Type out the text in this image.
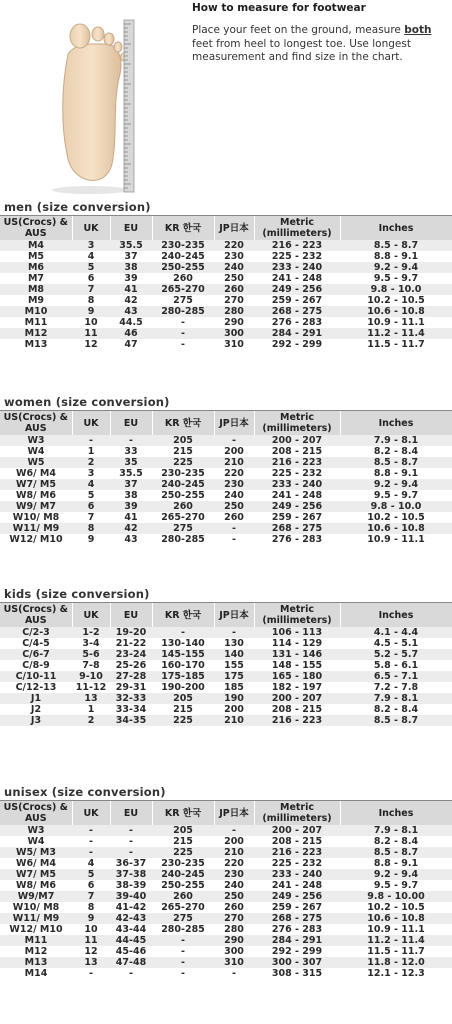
How to measure for footwear
Place your feet on the ground, measure both feet from heel to longest toe. Use longest measurement and find size in the chart.
men (size conversion)
US(Crocs) & AUS	UK	EU	KR 한국	JP日本	Metric (millimeters)	Inches
M4	3	35.5	230-235	220	216 - 223	8.5 - 8.7
M5	4	37	240-245	230	225 - 232	8.8 - 9.1
M6	5	38	250-255	240	233 - 240	9.2 - 9.4
M7	6	39	260	250	241 - 248	9.5 - 9.7
M8	7	41	265-270	260	249 - 256	9.8 - 10.0
M9	8	42	275	270	259 - 267	10.2 - 10.5
M10	9	43	280-285	280	268 - 275	10.6 - 10.8
M11	10	44.5	-	290	276 - 283	10.9 - 11.1
M12	11	46	-	300	284 - 291	11.2 - 11.4
M13	12	47	-	310	292 - 299	11.5 - 11.7
women (size conversion)
US(Crocs) & AUS	UK	EU	KR 한국	JP日本	Metric (millimeters)	Inches
W3	-	-	205	-	200 - 207	7.9 - 8.1
W4	1	33	215	200	208 - 215	8.2 - 8.4
W5	2	35	225	210	216 - 223	8.5 - 8.7
W6/ M4	3	35.5	230-235	220	225 - 232	8.8 - 9.1
W7/ M5	4	37	240-245	230	233 - 240	9.2 - 9.4
W8/ M6	5	38	250-255	240	241 - 248	9.5 - 9.7
W9/ M7	6	39	260	250	249 - 256	9.8 - 10.0
W10/ M8	7	41	265-270	260	259 - 267	10.2 - 10.5
W11/ M9	8	42	275	-	268 - 275	10.6 - 10.8
W12/ M10	9	43	280-285	-	276 - 283	10.9 - 11.1
kids (size conversion)
US(Crocs) & AUS	UK	EU	KR 한국	JP日本	Metric (millimeters)	Inches
C/2-3	1-2	19-20	-	-	106 - 113	4.1 - 4.4
C/4-5	3-4	21-22	130-140	130	114 - 129	4.5 - 5.1
C/6-7	5-6	23-24	145-155	140	131 - 146	5.2 - 5.7
C/8-9	7-8	25-26	160-170	155	148 - 155	5.8 - 6.1
C/10-11	9-10	27-28	175-185	175	165 - 180	6.5 - 7.1
C/12-13	11-12	29-31	190-200	185	182 - 197	7.2 - 7.8
J1	13	32-33	205	190	200 - 207	7.9 - 8.1
J2	1	33-34	215	200	208 - 215	8.2 - 8.4
J3	2	34-35	225	210	216 - 223	8.5 - 8.7
unisex (size conversion)
US(Crocs) & AUS	UK	EU	KR 한국	JP日本	Metric (millimeters)	Inches
W3	-	-	205	-	200 - 207	7.9 - 8.1
W4	-	-	215	200	208 - 215	8.2 - 8.4
W5/ M3	-	-	225	210	216 - 223	8.5 - 8.7
W6/ M4	4	36-37	230-235	220	225 - 232	8.8 - 9.1
W7/ M5	5	37-38	240-245	230	233 - 240	9.2 - 9.4
W8/ M6	6	38-39	250-255	240	241 - 248	9.5 - 9.7
W9/M7	7	39-40	260	250	249 - 256	9.8 - 10.00
W10/ M8	8	41-42	265-270	260	259 - 267	10.2 - 10.5
W11/ M9	9	42-43	275	270	268 - 275	10.6 - 10.8
W12/ M10	10	43-44	280-285	280	276 - 283	10.9 - 11.1
M11	11	44-45	-	290	284 - 291	11.2 - 11.4
M12	12	45-46	-	300	292 - 299	11.5 - 11.7
M13	13	47-48	-	310	300 - 307	11.8 - 12.0
M14	-	-	-	-	308 - 315	12.1 - 12.3
